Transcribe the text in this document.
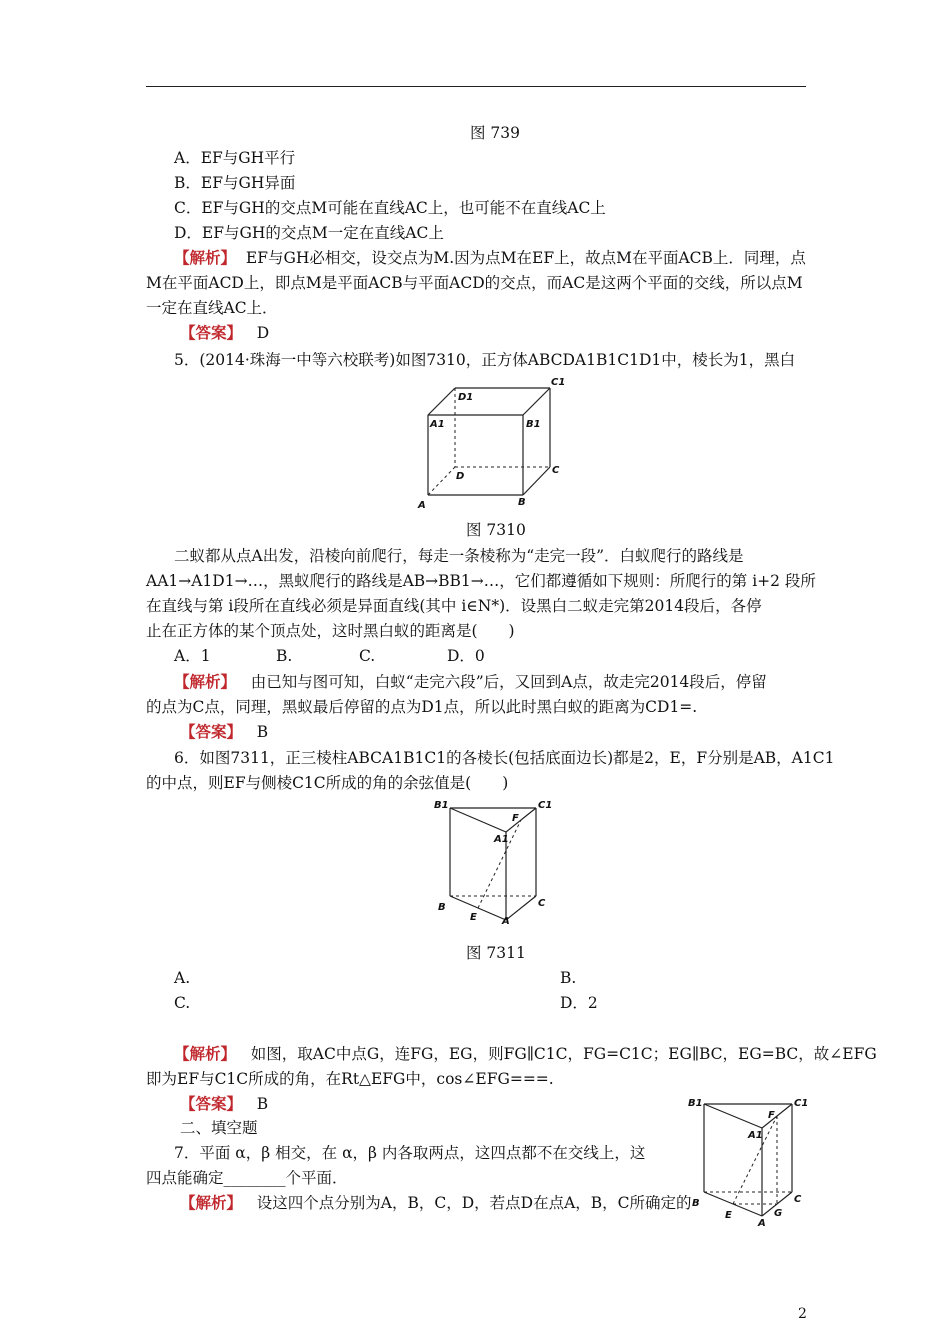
图 739
A．EF与GH平行
B．EF与GH异面
C．EF与GH的交点M可能在直线AC上，也可能不在直线AC上
D．EF与GH的交点M一定在直线AC上
【解析】 EF与GH必相交，设交点为M.因为点M在EF上，故点M在平面ACB上．同理，点
M在平面ACD上，即点M是平面ACB与平面ACD的交点，而AC是这两个平面的交线，所以点M
一定在直线AC上．
【答案】 D
5．(2014·珠海一中等六校联考)如图7310，正方体ABCDA1B1C1D1中，棱长为1，黑白
D1
C1
A1	B1
D
C
A	B
图 7310
二蚁都从点A出发，沿棱向前爬行，每走一条棱称为“走完一段”．白蚁爬行的路线是
AA1→A1D1→…，黑蚁爬行的路线是AB→BB1→…，它们都遵循如下规则：所爬行的第 i+2 段所
在直线与第 i段所在直线必须是异面直线(其中 i∈N*)．设黑白二蚁走完第2014段后，各停
止在正方体的某个顶点处，这时黑白蚁的距离是(　　)
A．1	B.	C.	D．0
【解析】 由已知与图可知，白蚁“走完六段”后，又回到A点，故走完2014段后，停留
的点为C点，同理，黑蚁最后停留的点为D1点，所以此时黑白蚁的距离为CD1=.
【答案】 B
6．如图7311，正三棱柱ABCA1B1C1的各棱长(包括底面边长)都是2，E，F分别是AB，A1C1
的中点，则EF与侧棱C1C所成的角的余弦值是(　　)
B1	C1
F
A1
B	C
E	A
图 7311
A.	B.
C.	D．2
【解析】 如图，取AC中点G，连FG，EG，则FG∥C1C，FG=C1C；EG∥BC，EG=BC，故∠EFG
即为EF与C1C所成的角，在Rt△EFG中，cos∠EFG===.
【答案】 B
二、填空题
7．平面 α，β 相交，在 α，β 内各取两点，这四点都不在交线上，这
四点能确定________个平面．
【解析】 设这四个点分别为A，B，C，D，若点D在点A，B，C所确定的
B1	C1
F
A1
B	C
E
A
G
2
